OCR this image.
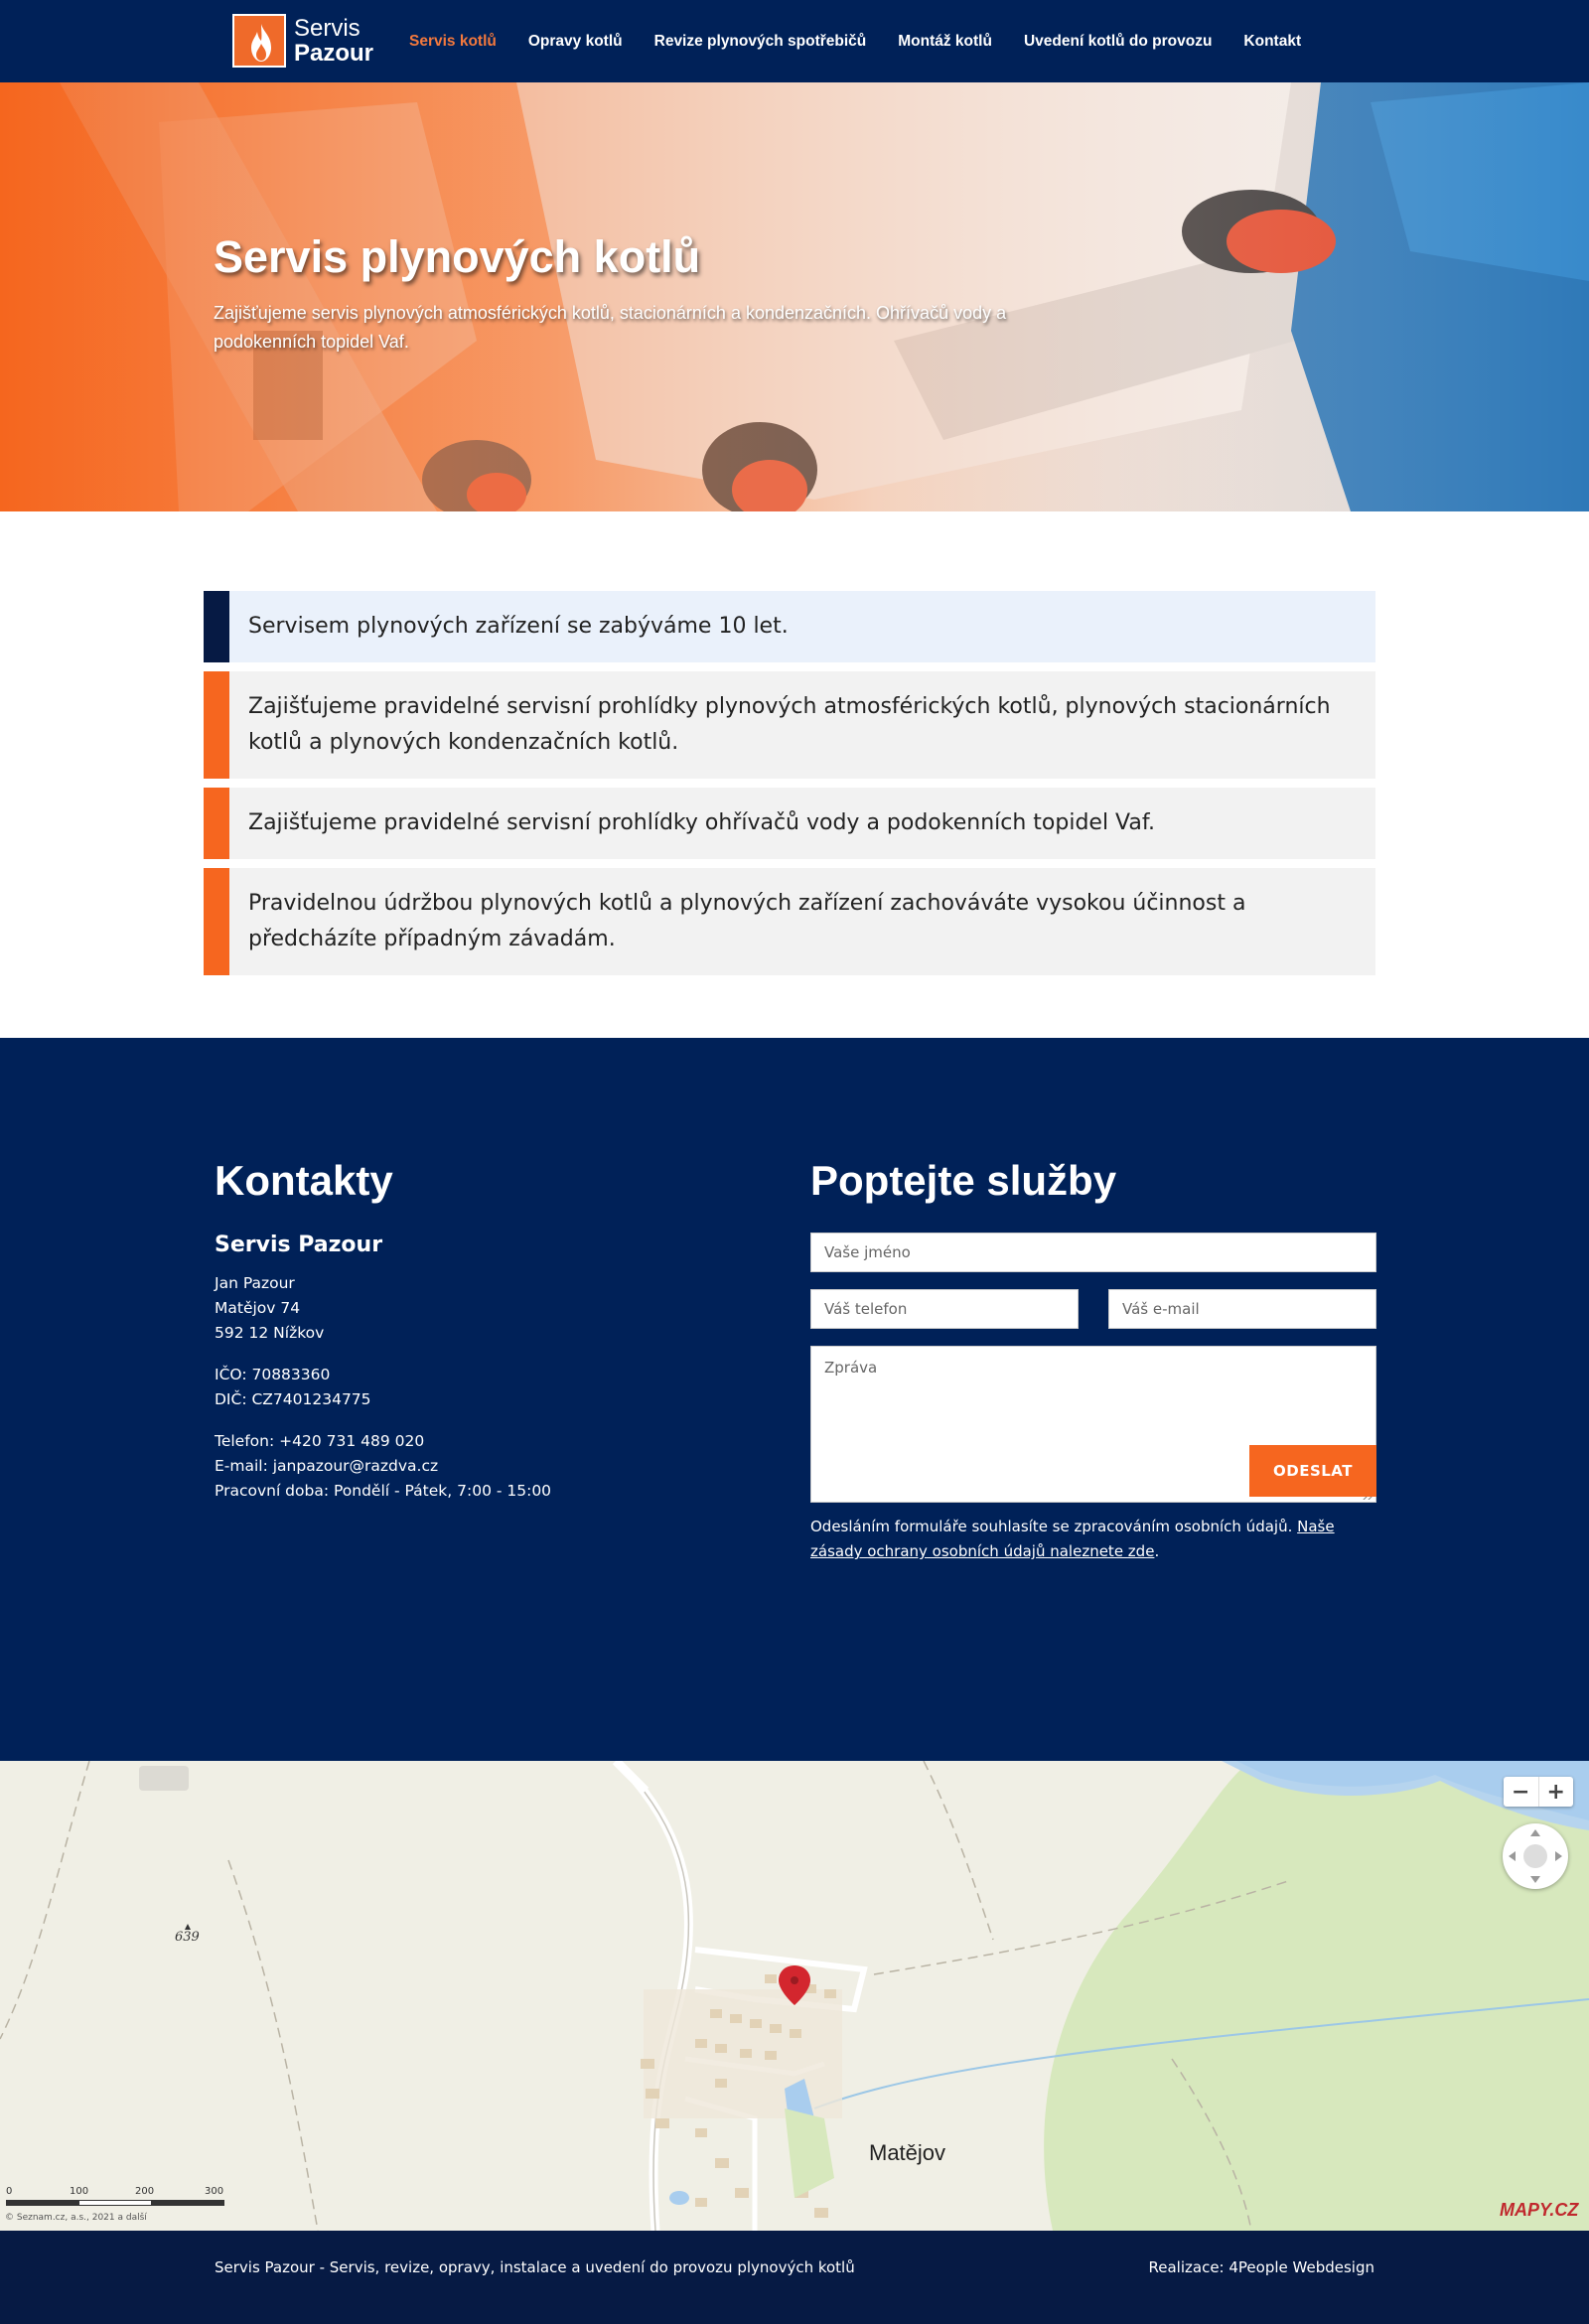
Servis
Pazour Servis kotlů Opravy kotlů Revize plynových spotřebičů Montáž kotlů Uvedení kotlů do provozu Kontakt
Servis plynových kotlů
Zajišťujeme servis plynových atmosférických kotlů, stacionárních a kondenzačních. Ohřívačů vody a podokenních topidel Vaf.
Servisem plynových zařízení se zabýváme 10 let.
Zajišťujeme pravidelné servisní prohlídky plynových atmosférických kotlů, plynových stacionárních kotlů a plynových kondenzačních kotlů.
Zajišťujeme pravidelné servisní prohlídky ohřívačů vody a podokenních topidel Vaf.
Pravidelnou údržbou plynových kotlů a plynových zařízení zachováváte vysokou účinnost a předcházíte případným závadám.
Kontakty
Servis Pazour
Jan Pazour
Matějov 74
592 12 Nížkov
IČO: 70883360
DIČ: CZ7401234775
Telefon: +420 731 489 020
E-mail: janpazour@razdva.cz
Pracovní doba: Pondělí - Pátek, 7:00 - 15:00
Poptejte služby
Vaše jméno
Váš telefon	Váš e-mail
Zpráva
ODESLAT
Odesláním formuláře souhlasíte se zpracováním osobních údajů. Naše zásady ochrany osobních údajů naleznete zde.
639
Matějov
− +
0	100	200	300
© Seznam.cz, a.s., 2021 a další	MAPY.CZ
Servis Pazour - Servis, revize, opravy, instalace a uvedení do provozu plynových kotlů	Realizace: 4People Webdesign
